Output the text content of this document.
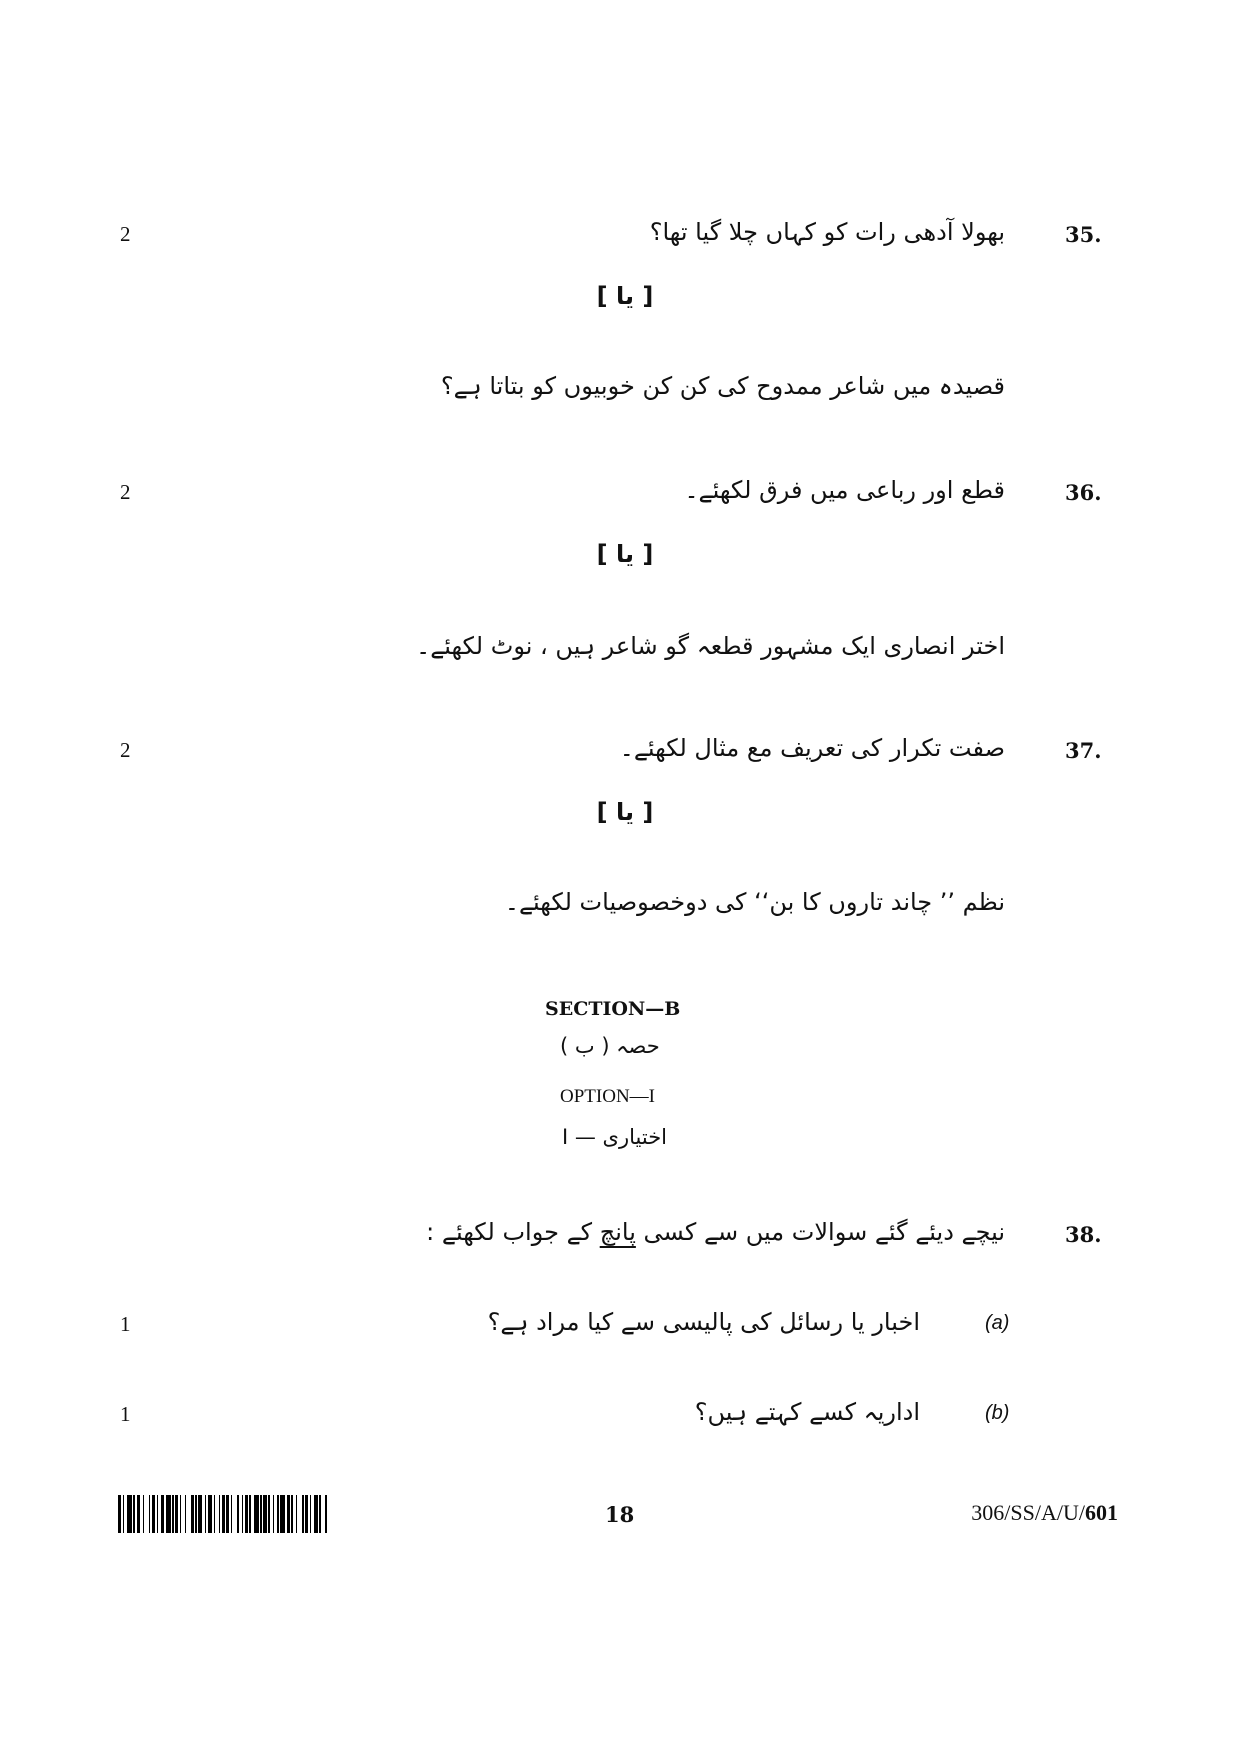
2	بھولا آدھی رات کو کہاں چلا گیا تھا؟	35.
[ یا ]
قصیدہ میں شاعر ممدوح کی کن کن خوبیوں کو بتاتا ہے؟
2	قطع اور رباعی میں فرق لکھئے۔	36.
[ یا ]
اختر انصاری ایک مشہور قطعہ گو شاعر ہیں ، نوٹ لکھئے۔
2	صفت تکرار کی تعریف مع مثال لکھئے۔	37.
[ یا ]
نظم ’’ چاند تاروں کا بن‘‘ کی دوخصوصیات لکھئے۔
SECTION—B
حصہ ( ب )
OPTION—I
اختیاری — I
نیچے دیئے گئے سوالات میں سے کسی پانچ کے جواب لکھئے :	38.
1	اخبار یا رسائل کی پالیسی سے کیا مراد ہے؟	(a)
1	اداریہ کسے کہتے ہیں؟	(b)
18	306/SS/A/U/601
